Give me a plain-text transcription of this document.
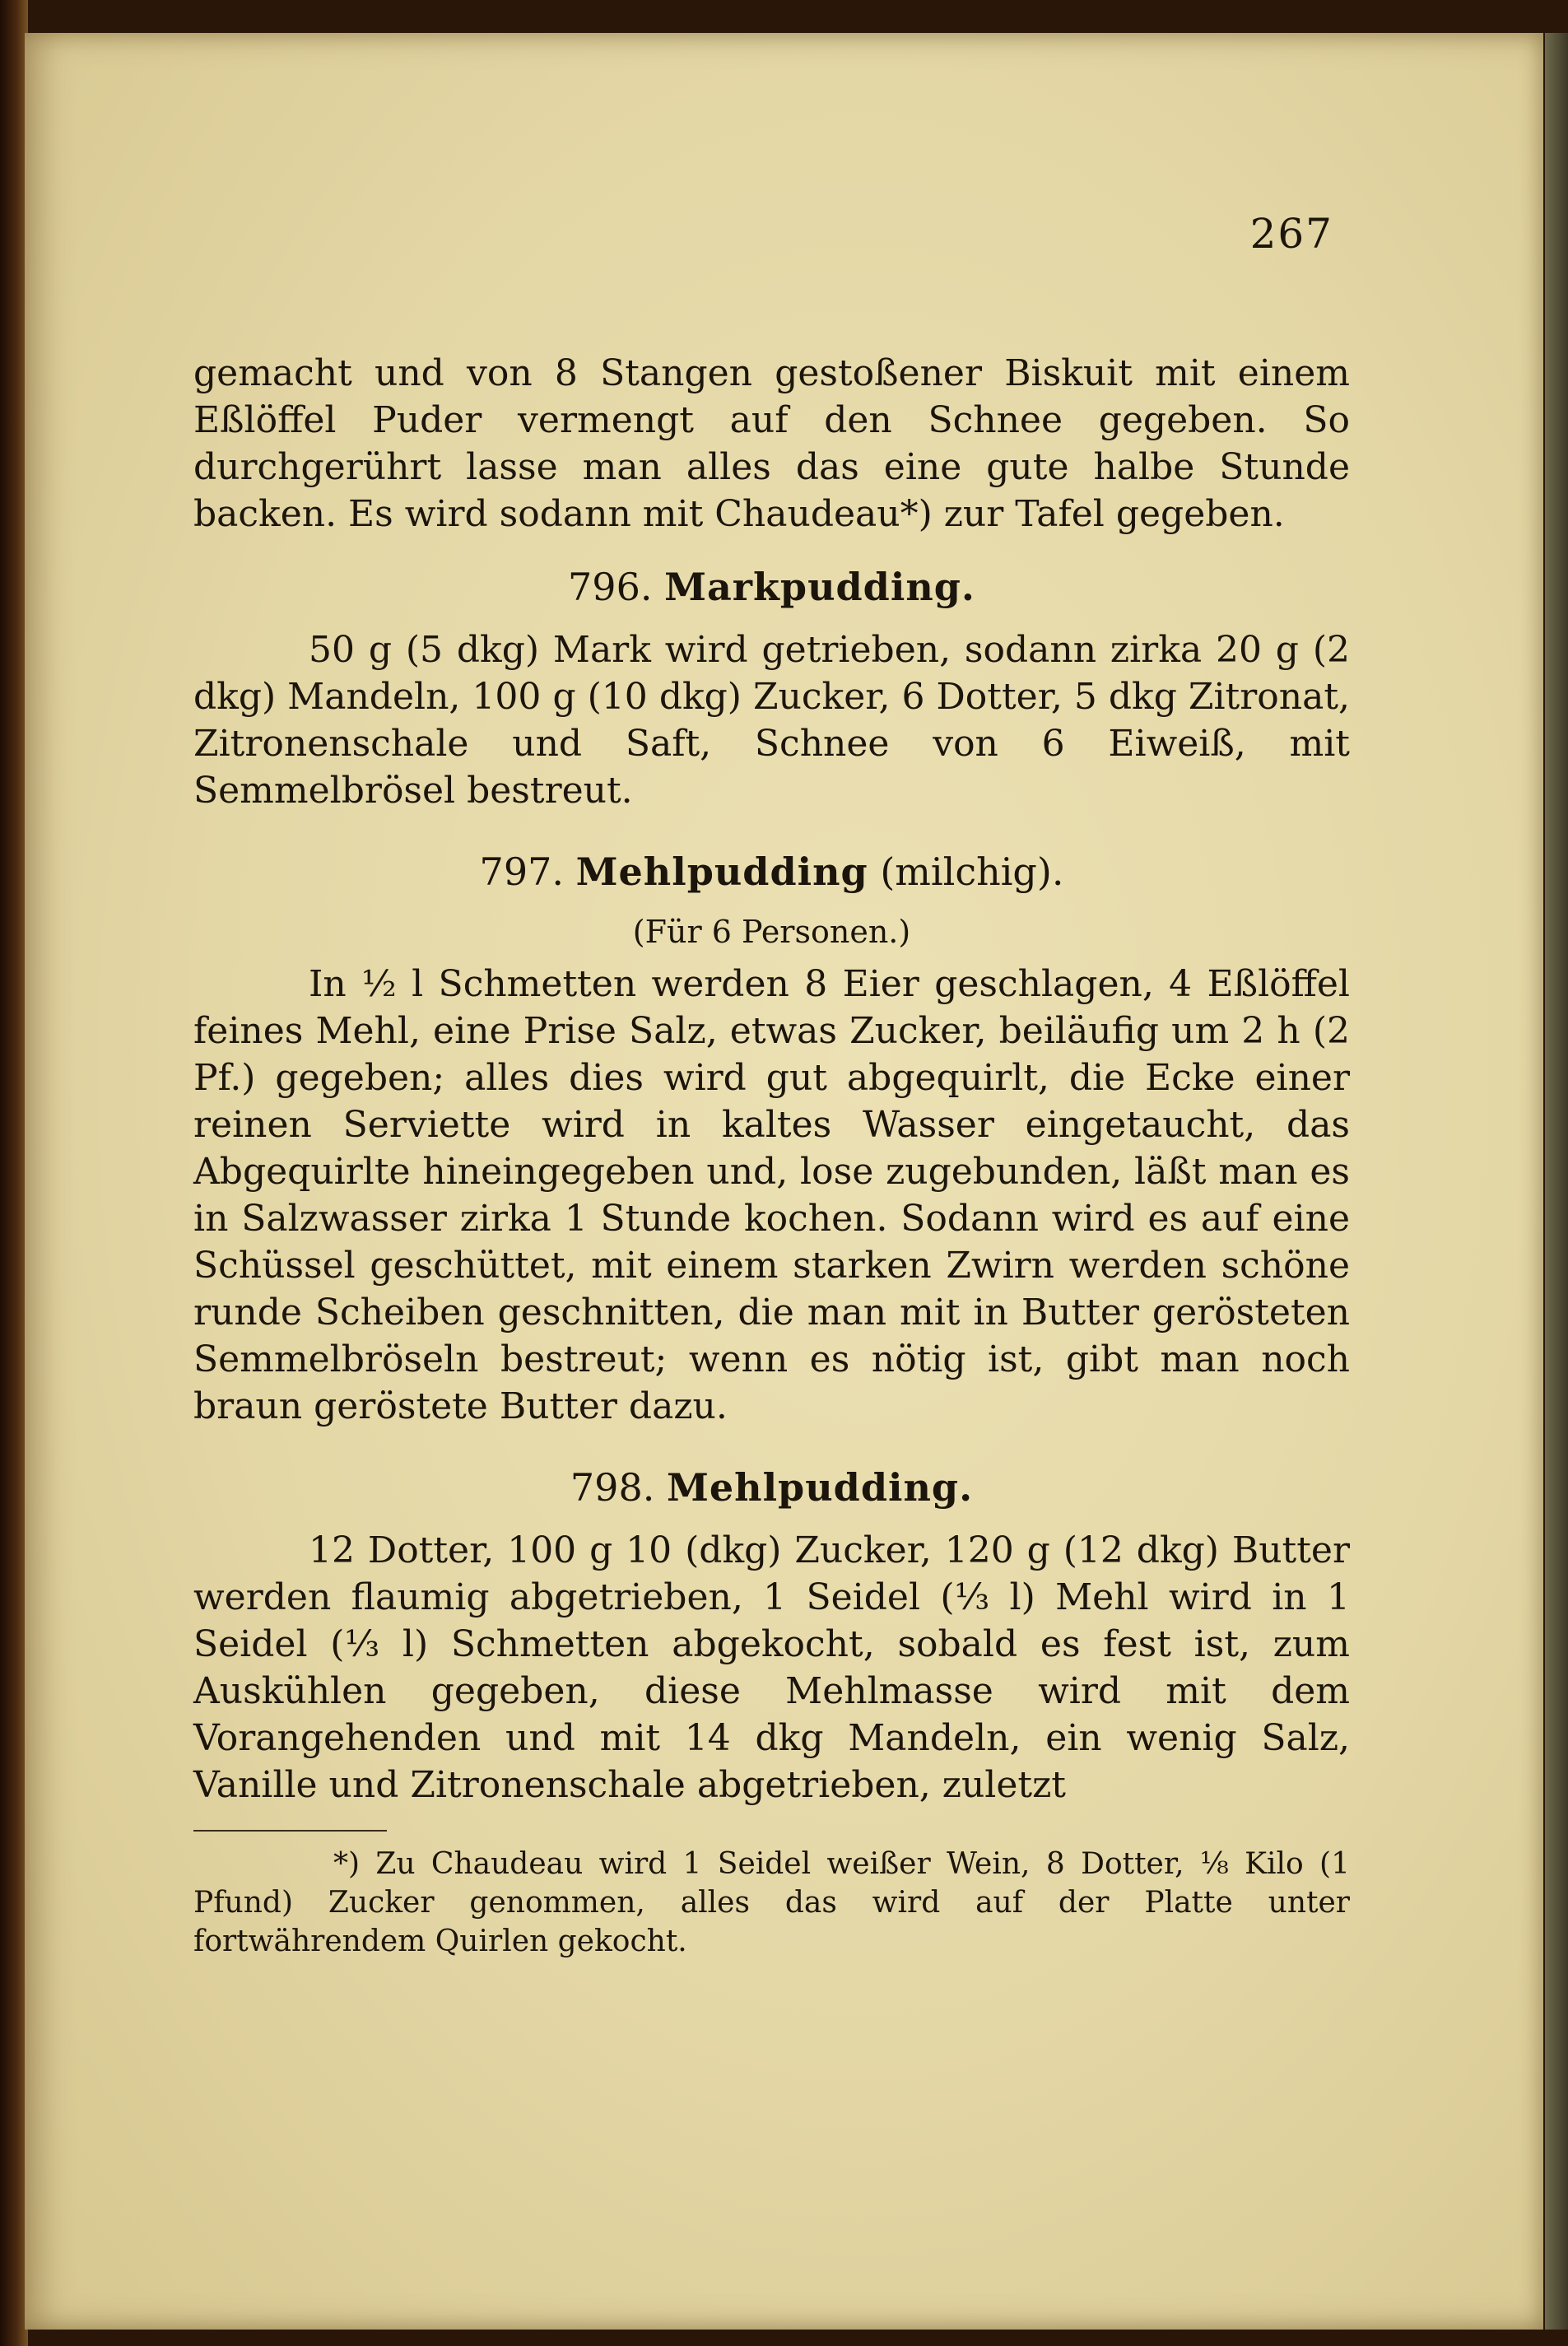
267

gemacht und von 8 Stangen gestoßener Biskuit mit einem Eßlöffel Puder vermengt auf den Schnee gegeben. So durchgerührt lasse man alles das eine gute halbe Stunde backen. Es wird sodann mit Chaudeau*) zur Tafel gegeben.

796. Markpudding.

50 g (5 dkg) Mark wird getrieben, sodann zirka 20 g (2 dkg) Mandeln, 100 g (10 dkg) Zucker, 6 Dotter, 5 dkg Zitronat, Zitronenschale und Saft, Schnee von 6 Eiweiß, mit Semmelbrösel bestreut.

797. Mehlpudding (milchig).
(Für 6 Personen.)

In ½ l Schmetten werden 8 Eier geschlagen, 4 Eßlöffel feines Mehl, eine Prise Salz, etwas Zucker, beiläufig um 2 h (2 Pf.) gegeben; alles dies wird gut abgequirlt, die Ecke einer reinen Serviette wird in kaltes Wasser eingetaucht, das Abgequirlte hineingegeben und, lose zugebunden, läßt man es in Salzwasser zirka 1 Stunde kochen. Sodann wird es auf eine Schüssel geschüttet, mit einem starken Zwirn werden schöne runde Scheiben geschnitten, die man mit in Butter gerösteten Semmelbröseln bestreut; wenn es nötig ist, gibt man noch braun geröstete Butter dazu.

798. Mehlpudding.

12 Dotter, 100 g 10 (dkg) Zucker, 120 g (12 dkg) Butter werden flaumig abgetrieben, 1 Seidel (⅓ l) Mehl wird in 1 Seidel (⅓ l) Schmetten abgekocht, sobald es fest ist, zum Auskühlen gegeben, diese Mehlmasse wird mit dem Vorangehenden und mit 14 dkg Mandeln, ein wenig Salz, Vanille und Zitronenschale abgetrieben, zuletzt

*) Zu Chaudeau wird 1 Seidel weißer Wein, 8 Dotter, ⅛ Kilo (1 Pfund) Zucker genommen, alles das wird auf der Platte unter fortwährendem Quirlen gekocht.
